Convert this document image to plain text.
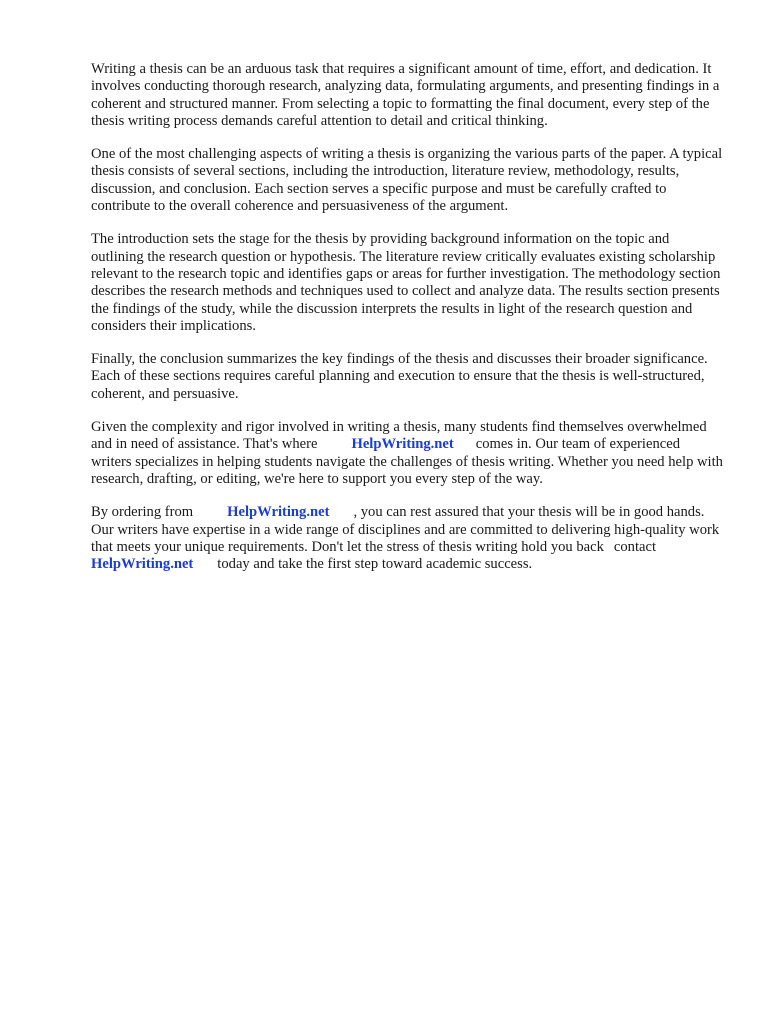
Writing a thesis can be an arduous task that requires a significant amount of time, effort, and dedication. It involves conducting thorough research, analyzing data, formulating arguments, and presenting findings in a coherent and structured manner. From selecting a topic to formatting the final document, every step of the thesis writing process demands careful attention to detail and critical thinking.

One of the most challenging aspects of writing a thesis is organizing the various parts of the paper. A typical thesis consists of several sections, including the introduction, literature review, methodology, results, discussion, and conclusion. Each section serves a specific purpose and must be carefully crafted to contribute to the overall coherence and persuasiveness of the argument.

The introduction sets the stage for the thesis by providing background information on the topic and outlining the research question or hypothesis. The literature review critically evaluates existing scholarship relevant to the research topic and identifies gaps or areas for further investigation. The methodology section describes the research methods and techniques used to collect and analyze data. The results section presents the findings of the study, while the discussion interprets the results in light of the research question and considers their implications.

Finally, the conclusion summarizes the key findings of the thesis and discusses their broader significance. Each of these sections requires careful planning and execution to ensure that the thesis is well-structured, coherent, and persuasive.

Given the complexity and rigor involved in writing a thesis, many students find themselves overwhelmed and in need of assistance. That's where HelpWriting.net comes in. Our team of experienced writers specializes in helping students navigate the challenges of thesis writing. Whether you need help with research, drafting, or editing, we're here to support you every step of the way.

By ordering from HelpWriting.net , you can rest assured that your thesis will be in good hands. Our writers have expertise in a wide range of disciplines and are committed to delivering high-quality work that meets your unique requirements. Don't let the stress of thesis writing hold you back contactHelpWriting.net today and take the first step toward academic success.
